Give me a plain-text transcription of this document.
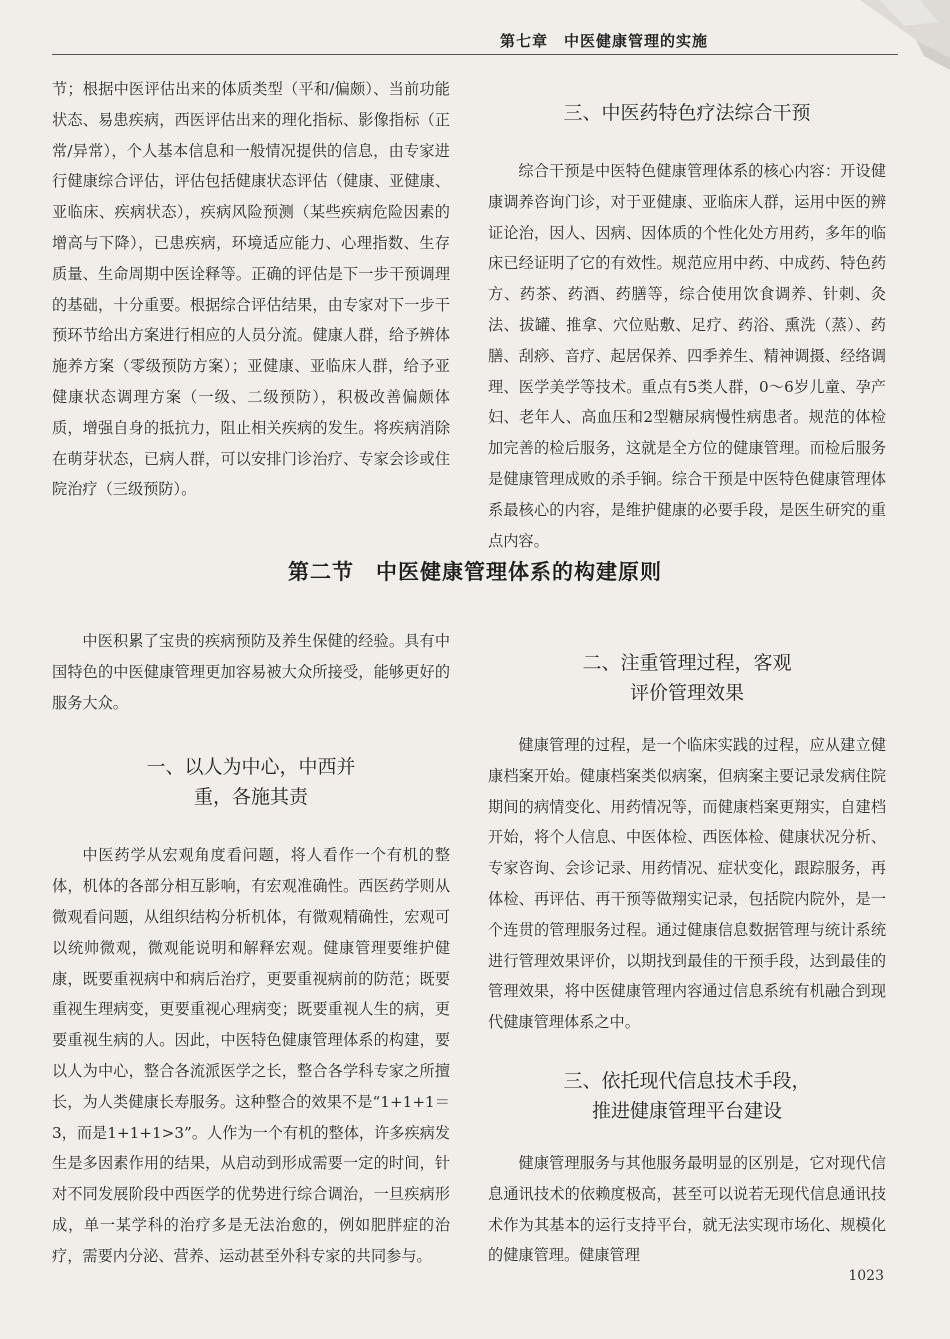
第七章　中医健康管理的实施

节；根据中医评估出来的体质类型（平和/偏颇）、当前功能状态、易患疾病，西医评估出来的理化指标、影像指标（正常/异常），个人基本信息和一般情况提供的信息，由专家进行健康综合评估，评估包括健康状态评估（健康、亚健康、亚临床、疾病状态），疾病风险预测（某些疾病危险因素的增高与下降），已患疾病，环境适应能力、心理指数、生存质量、生命周期中医诠释等。正确的评估是下一步干预调理的基础，十分重要。根据综合评估结果，由专家对下一步干预环节给出方案进行相应的人员分流。健康人群，给予辨体施养方案（零级预防方案）；亚健康、亚临床人群，给予亚健康状态调理方案（一级、二级预防），积极改善偏颇体质，增强自身的抵抗力，阻止相关疾病的发生。将疾病消除在萌芽状态，已病人群，可以安排门诊治疗、专家会诊或住院治疗（三级预防）。

三、中医药特色疗法综合干预

综合干预是中医特色健康管理体系的核心内容：开设健康调养咨询门诊，对于亚健康、亚临床人群，运用中医的辨证论治，因人、因病、因体质的个性化处方用药，多年的临床已经证明了它的有效性。规范应用中药、中成药、特色药方、药茶、药酒、药膳等，综合使用饮食调养、针刺、灸法、拔罐、推拿、穴位贴敷、足疗、药浴、熏洗（蒸）、药膳、刮痧、音疗、起居保养、四季养生、精神调摄、经络调理、医学美学等技术。重点有5类人群，0～6岁儿童、孕产妇、老年人、高血压和2型糖尿病慢性病患者。规范的体检加完善的检后服务，这就是全方位的健康管理。而检后服务是健康管理成败的杀手锏。综合干预是中医特色健康管理体系最核心的内容，是维护健康的必要手段，是医生研究的重点内容。

第二节　中医健康管理体系的构建原则

中医积累了宝贵的疾病预防及养生保健的经验。具有中国特色的中医健康管理更加容易被大众所接受，能够更好的服务大众。

一、以人为中心，中西并
重，各施其责

中医药学从宏观角度看问题，将人看作一个有机的整体，机体的各部分相互影响，有宏观准确性。西医药学则从微观看问题，从组织结构分析机体，有微观精确性，宏观可以统帅微观，微观能说明和解释宏观。健康管理要维护健康，既要重视病中和病后治疗，更要重视病前的防范；既要重视生理病变，更要重视心理病变；既要重视人生的病，更要重视生病的人。因此，中医特色健康管理体系的构建，要以人为中心，整合各流派医学之长，整合各学科专家之所擅长，为人类健康长寿服务。这种整合的效果不是“1+1+1＝3，而是1+1+1>3”。人作为一个有机的整体，许多疾病发生是多因素作用的结果，从启动到形成需要一定的时间，针对不同发展阶段中西医学的优势进行综合调治，一旦疾病形成，单一某学科的治疗多是无法治愈的，例如肥胖症的治疗，需要内分泌、营养、运动甚至外科专家的共同参与。

二、注重管理过程，客观
评价管理效果

健康管理的过程，是一个临床实践的过程，应从建立健康档案开始。健康档案类似病案，但病案主要记录发病住院期间的病情变化、用药情况等，而健康档案更翔实，自建档开始，将个人信息、中医体检、西医体检、健康状况分析、专家咨询、会诊记录、用药情况、症状变化，跟踪服务，再体检、再评估、再干预等做翔实记录，包括院内院外，是一个连贯的管理服务过程。通过健康信息数据管理与统计系统进行管理效果评价，以期找到最佳的干预手段，达到最佳的管理效果，将中医健康管理内容通过信息系统有机融合到现代健康管理体系之中。

三、依托现代信息技术手段，
推进健康管理平台建设

健康管理服务与其他服务最明显的区别是，它对现代信息通讯技术的依赖度极高，甚至可以说若无现代信息通讯技术作为其基本的运行支持平台，就无法实现市场化、规模化的健康管理。健康管理

1023
